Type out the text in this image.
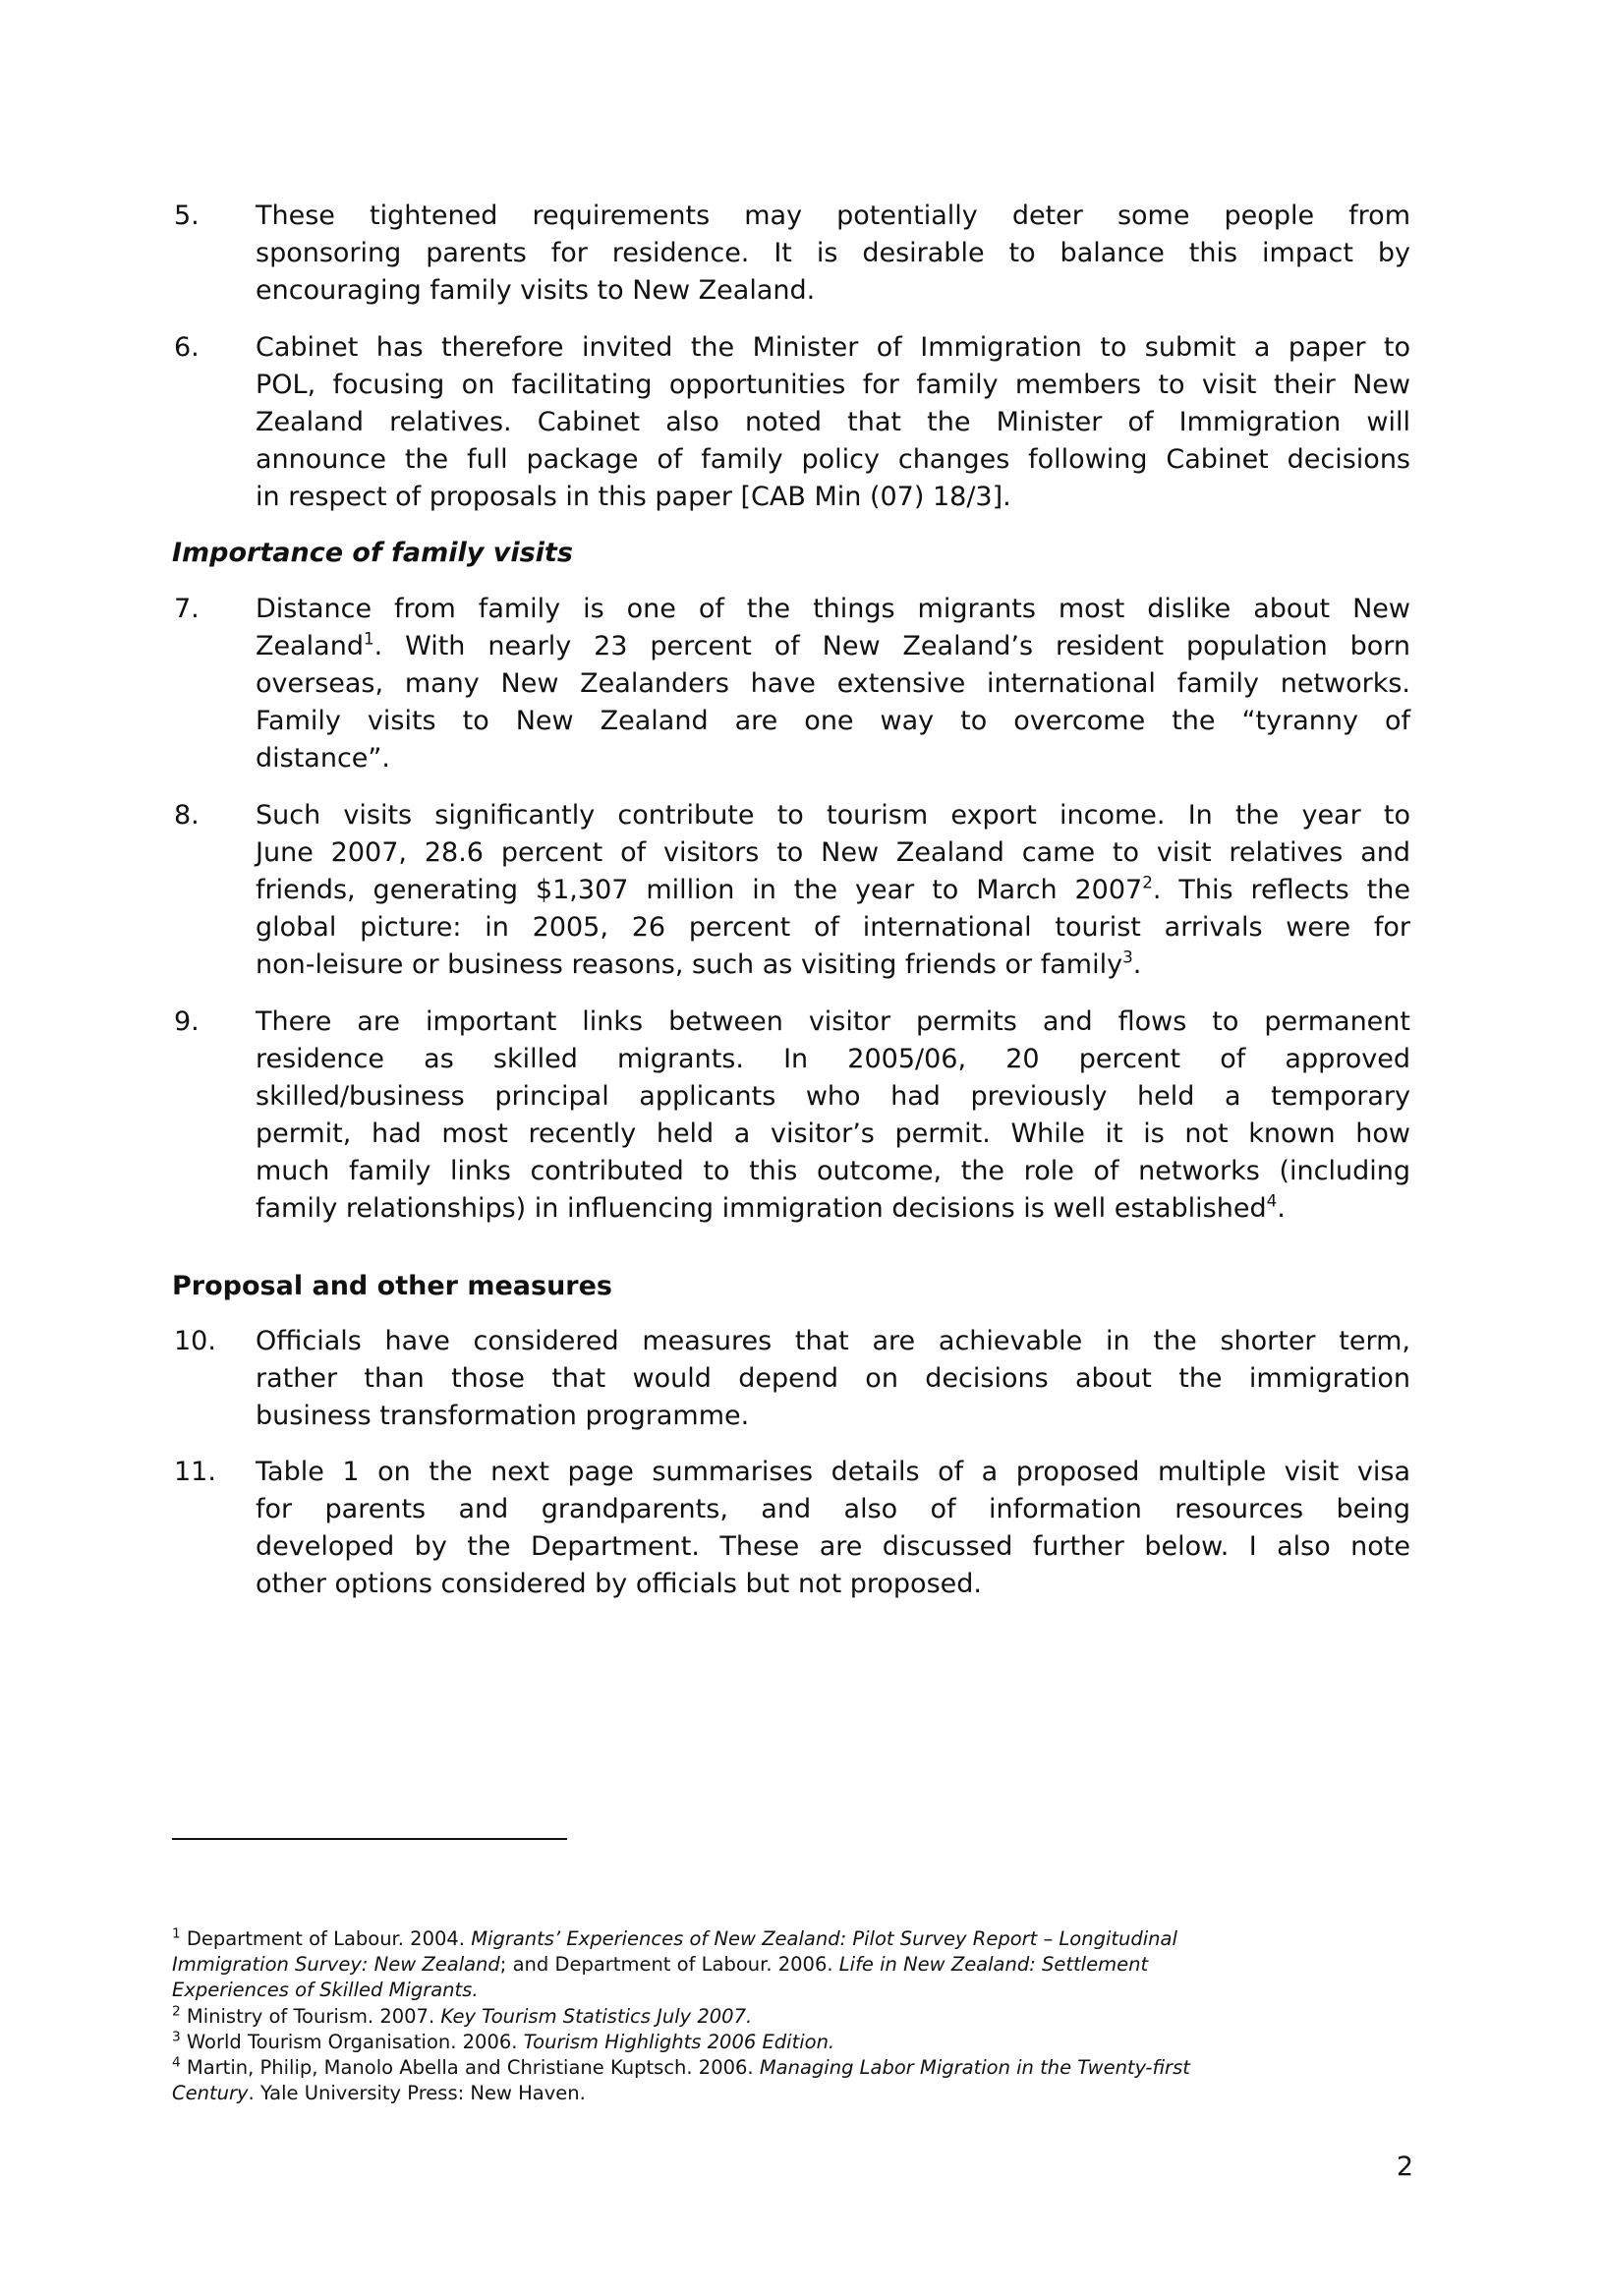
5. These tightened requirements may potentially deter some people from
sponsoring parents for residence. It is desirable to balance this impact by
encouraging family visits to New Zealand.
6. Cabinet has therefore invited the Minister of Immigration to submit a paper to
POL, focusing on facilitating opportunities for family members to visit their New
Zealand relatives. Cabinet also noted that the Minister of Immigration will
announce the full package of family policy changes following Cabinet decisions
in respect of proposals in this paper [CAB Min (07) 18/3].
Importance of family visits
7. Distance from family is one of the things migrants most dislike about New
Zealand$^1$. With nearly 23 percent of New Zealand’s resident population born
overseas, many New Zealanders have extensive international family networks.
Family visits to New Zealand are one way to overcome the “tyranny of
distance”.
8. Such visits significantly contribute to tourism export income. In the year to
June 2007, 28.6 percent of visitors to New Zealand came to visit relatives and
friends, generating $1,307 million in the year to March 2007$^2$. This reflects the
global picture: in 2005, 26 percent of international tourist arrivals were for
non-leisure or business reasons, such as visiting friends or family$^3$.
9. There are important links between visitor permits and flows to permanent
residence as skilled migrants. In 2005/06, 20 percent of approved
skilled/business principal applicants who had previously held a temporary
permit, had most recently held a visitor’s permit. While it is not known how
much family links contributed to this outcome, the role of networks (including
family relationships) in influencing immigration decisions is well established$^4$.
Proposal and other measures
10. Officials have considered measures that are achievable in the shorter term,
rather than those that would depend on decisions about the immigration
business transformation programme.
11. Table 1 on the next page summarises details of a proposed multiple visit visa
for parents and grandparents, and also of information resources being
developed by the Department. These are discussed further below. I also note
other options considered by officials but not proposed.
$^1$ Department of Labour. 2004. Migrants’ Experiences of New Zealand: Pilot Survey Report – Longitudinal
Immigration Survey: New Zealand; and Department of Labour. 2006. Life in New Zealand: Settlement
Experiences of Skilled Migrants.
$^2$ Ministry of Tourism. 2007. Key Tourism Statistics July 2007.
$^3$ World Tourism Organisation. 2006. Tourism Highlights 2006 Edition.
$^4$ Martin, Philip, Manolo Abella and Christiane Kuptsch. 2006. Managing Labor Migration in the Twenty-first
Century. Yale University Press: New Haven.
2
